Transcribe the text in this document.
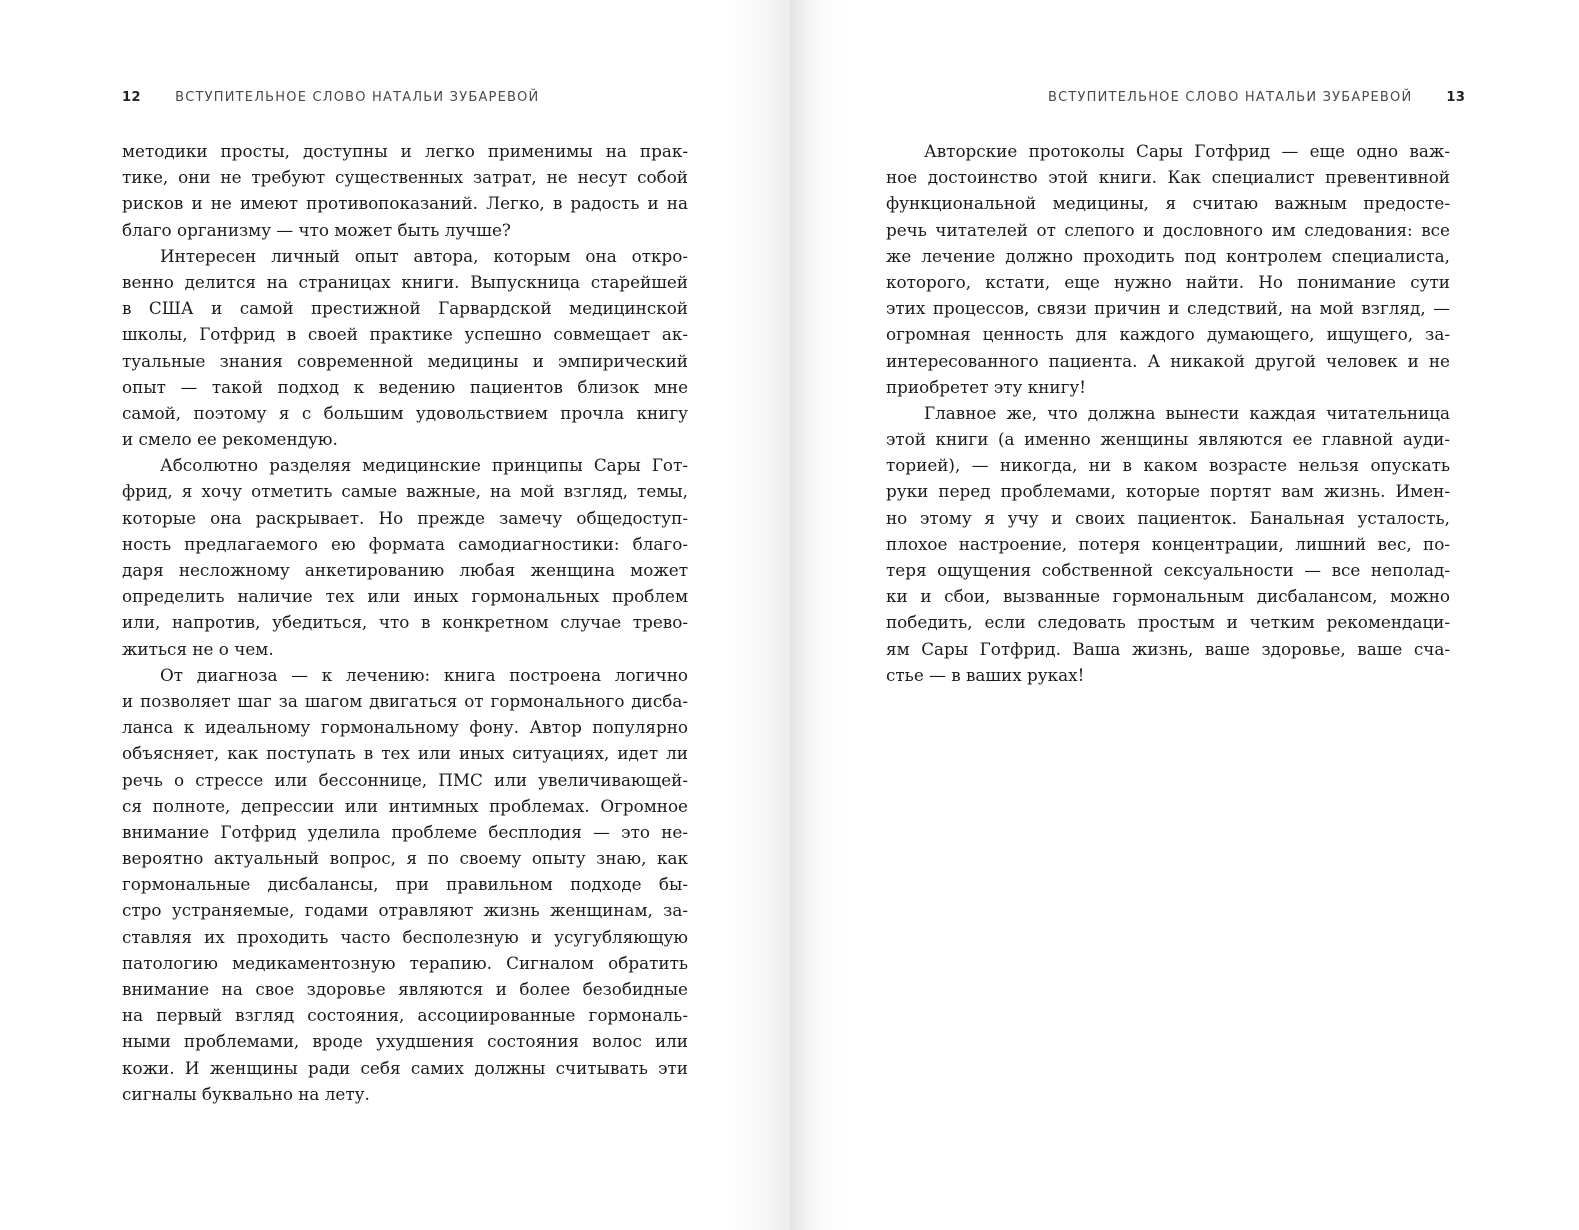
12	ВСТУПИТЕЛЬНОЕ СЛОВО НАТАЛЬИ ЗУБАРЕВОЙ
методики просты, доступны и легко применимы на прак-
тике, они не требуют существенных затрат, не несут собой
рисков и не имеют противопоказаний. Легко, в радость и на
благо организму — что может быть лучше?
Интересен личный опыт автора, которым она откро-
венно делится на страницах книги. Выпускница старейшей
в США и самой престижной Гарвардской медицинской
школы, Готфрид в своей практике успешно совмещает ак-
туальные знания современной медицины и эмпирический
опыт — такой подход к ведению пациентов близок мне
самой, поэтому я с большим удовольствием прочла книгу
и смело ее рекомендую.
Абсолютно разделяя медицинские принципы Сары Гот-
фрид, я хочу отметить самые важные, на мой взгляд, темы,
которые она раскрывает. Но прежде замечу общедоступ-
ность предлагаемого ею формата самодиагностики: благо-
даря несложному анкетированию любая женщина может
определить наличие тех или иных гормональных проблем
или, напротив, убедиться, что в конкретном случае трево-
житься не о чем.
От диагноза — к лечению: книга построена логично
и позволяет шаг за шагом двигаться от гормонального дисба-
ланса к идеальному гормональному фону. Автор популярно
объясняет, как поступать в тех или иных ситуациях, идет ли
речь о стрессе или бессоннице, ПМС или увеличивающей-
ся полноте, депрессии или интимных проблемах. Огромное
внимание Готфрид уделила проблеме бесплодия — это не-
вероятно актуальный вопрос, я по своему опыту знаю, как
гормональные дисбалансы, при правильном подходе бы-
стро устраняемые, годами отравляют жизнь женщинам, за-
ставляя их проходить часто бесполезную и усугубляющую
патологию медикаментозную терапию. Сигналом обратить
внимание на свое здоровье являются и более безобидные
на первый взгляд состояния, ассоциированные гормональ-
ными проблемами, вроде ухудшения состояния волос или
кожи. И женщины ради себя самих должны считывать эти
сигналы буквально на лету.
ВСТУПИТЕЛЬНОЕ СЛОВО НАТАЛЬИ ЗУБАРЕВОЙ	13
Авторские протоколы Сары Готфрид — еще одно важ-
ное достоинство этой книги. Как специалист превентивной
функциональной медицины, я считаю важным предосте-
речь читателей от слепого и дословного им следования: все
же лечение должно проходить под контролем специалиста,
которого, кстати, еще нужно найти. Но понимание сути
этих процессов, связи причин и следствий, на мой взгляд, —
огромная ценность для каждого думающего, ищущего, за-
интересованного пациента. А никакой другой человек и не
приобретет эту книгу!
Главное же, что должна вынести каждая читательница
этой книги (а именно женщины являются ее главной ауди-
торией), — никогда, ни в каком возрасте нельзя опускать
руки перед проблемами, которые портят вам жизнь. Имен-
но этому я учу и своих пациенток. Банальная усталость,
плохое настроение, потеря концентрации, лишний вес, по-
теря ощущения собственной сексуальности — все неполад-
ки и сбои, вызванные гормональным дисбалансом, можно
победить, если следовать простым и четким рекомендаци-
ям Сары Готфрид. Ваша жизнь, ваше здоровье, ваше сча-
стье — в ваших руках!
